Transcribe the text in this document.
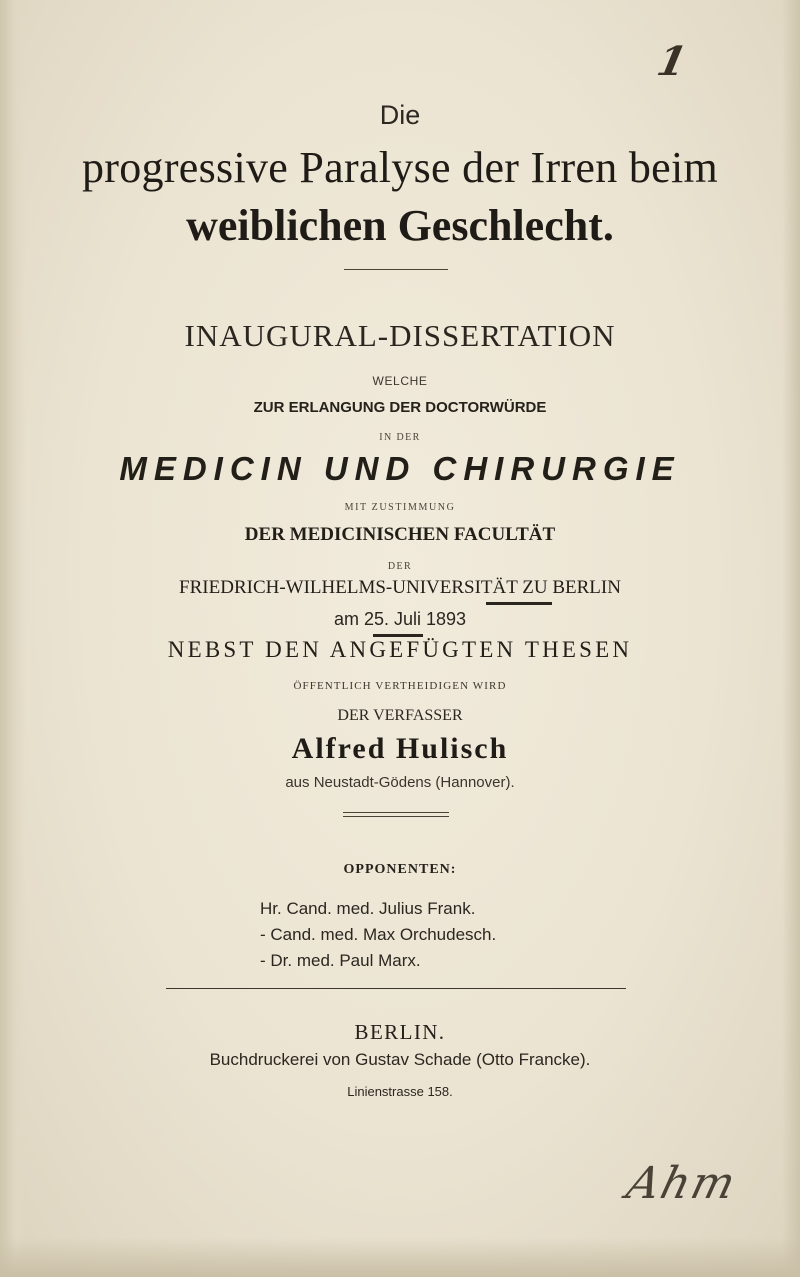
1
Die
progressive Paralyse der Irren beim
weiblichen Geschlecht.
INAUGURAL-DISSERTATION
WELCHE
ZUR ERLANGUNG DER DOCTORWÜRDE
IN DER
MEDICIN UND CHIRURGIE
MIT ZUSTIMMUNG
DER MEDICINISCHEN FACULTÄT
DER
FRIEDRICH-WILHELMS-UNIVERSITÄT ZU BERLIN
am 25. Juli 1893
NEBST DEN ANGEFÜGTEN THESEN
ÖFFENTLICH VERTHEIDIGEN WIRD
DER VERFASSER
Alfred Hulisch
aus Neustadt-Gödens (Hannover).
OPPONENTEN:
Hr. Cand. med. Julius Frank.
- Cand. med. Max Orchudesch.
- Dr. med. Paul Marx.
BERLIN.
Buchdruckerei von Gustav Schade (Otto Francke).
Linienstrasse 158.
Ahm
